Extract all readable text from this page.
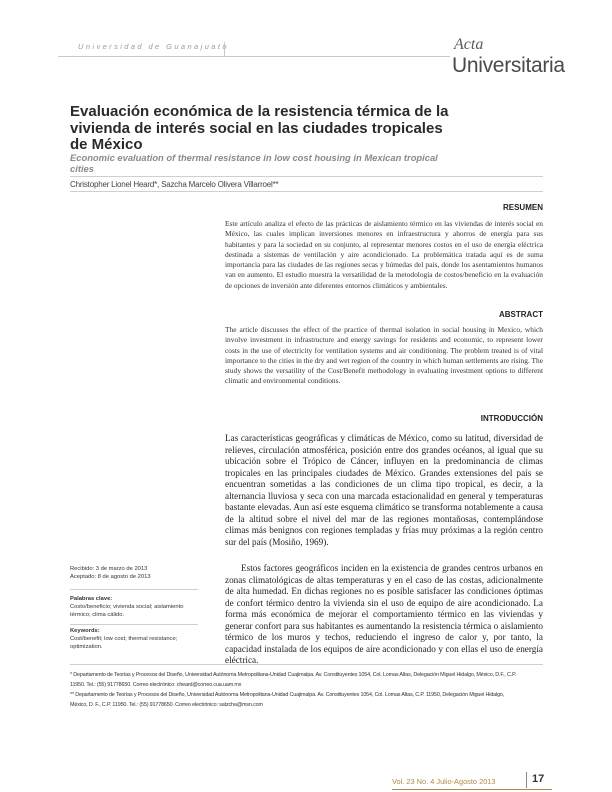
Universidad de Guanajuato	Acta
Universitaria
Evaluación económica de la resistencia térmica de la vivienda de interés social en las ciudades tropicales de México
Economic evaluation of thermal resistance in low cost housing in Mexican tropical cities
Christopher Lionel Heard*, Sazcha Marcelo Olivera Villarroel**
RESUMEN
Este artículo analiza el efecto de las prácticas de aislamiento térmico en las viviendas de interés social en México, las cuales implican inversiones menores en infraestructura y ahorros de energía para sus habitantes y para la sociedad en su conjunto, al representar menores costos en el uso de energía eléctrica destinada a sistemas de ventilación y aire acondicionado. La problemática tratada aquí es de suma importancia para las ciudades de las regiones secas y húmedas del país, donde los asentamientos humanos van en aumento. El estudio muestra la versatilidad de la metodología de costos/beneficio en la evaluación de opciones de inversión ante diferentes entornos climáticos y ambientales.
ABSTRACT
The article discusses the effect of the practice of thermal isolation in social housing in Mexico, which involve investment in infrastructure and energy savings for residents and economic, to represent lower costs in the use of electricity for ventilation systems and air conditioning. The problem treated is of vital importance to the cities in the dry and wet region of the country in which human settlements are rising. The study shows the versatility of the Cost/Benefit methodology in evaluating investment options to different climatic and environmental conditions.
INTRODUCCIÓN
Las características geográficas y climáticas de México, como su latitud, diversidad de relieves, circulación atmosférica, posición entre dos grandes océanos, al igual que su ubicación sobre el Trópico de Cáncer, influyen en la predominancia de climas tropicales en las principales ciudades de México. Grandes extensiones del país se encuentran sometidas a las condiciones de un clima tipo tropical, es decir, a la alternancia lluviosa y seca con una marcada estacionalidad en general y temperaturas bastante elevadas. Aun así este esquema climático se transforma notablemente a causa de la altitud sobre el nivel del mar de las regiones montañosas, contemplándose climas más benignos con regiones templadas y frías muy próximas a la región centro sur del país (Mosiño, 1969).
Estos factores geográficos inciden en la existencia de grandes centros urbanos en zonas climatológicas de altas temperaturas y en el caso de las costas, adicionalmente de alta humedad. En dichas regiones no es posible satisfacer las condiciones óptimas de confort térmico dentro la vivienda sin el uso de equipo de aire acondicionado. La forma más económica de mejorar el comportamiento térmico en las viviendas y generar confort para sus habitantes es aumentando la resistencia térmica o aislamiento térmico de los muros y techos, reduciendo el ingreso de calor y, por tanto, la capacidad instalada de los equipos de aire acondicionado y con ellas el uso de energía eléctrica.
Recibido: 3 de marzo de 2013
Aceptado: 8 de agosto de 2013
Palabras clave:
Costo/beneficio; vivienda social; aislamiento térmico; clima cálido.
Keywords:
Cost/benefit; low cost; thermal resistance; optimization.
* Departamento de Teorías y Procesos del Diseño, Universidad Autónoma Metropolitana-Unidad Cuajimalpa. Av. Constituyentes 1054, Col. Lomas Altas, Delegación Miguel Hidalgo, México, D.F., C.P.
11950. Tel.: (55) 91778650. Correo electrónico: cheard@correo.cua.uam.mx
** Departamento de Teorías y Procesos del Diseño, Universidad Autónoma Metropolitana-Unidad Cuajimalpa. Av. Constituyentes 1054, Col. Lomas Altas, C.P. 11950, Delegación Miguel Hidalgo,
México, D. F., C.P. 11950. Tel.: (55) 91778650. Correo electrónico: satzcha@msn.com
Vol. 23 No. 4 Julio-Agosto 2013	17
